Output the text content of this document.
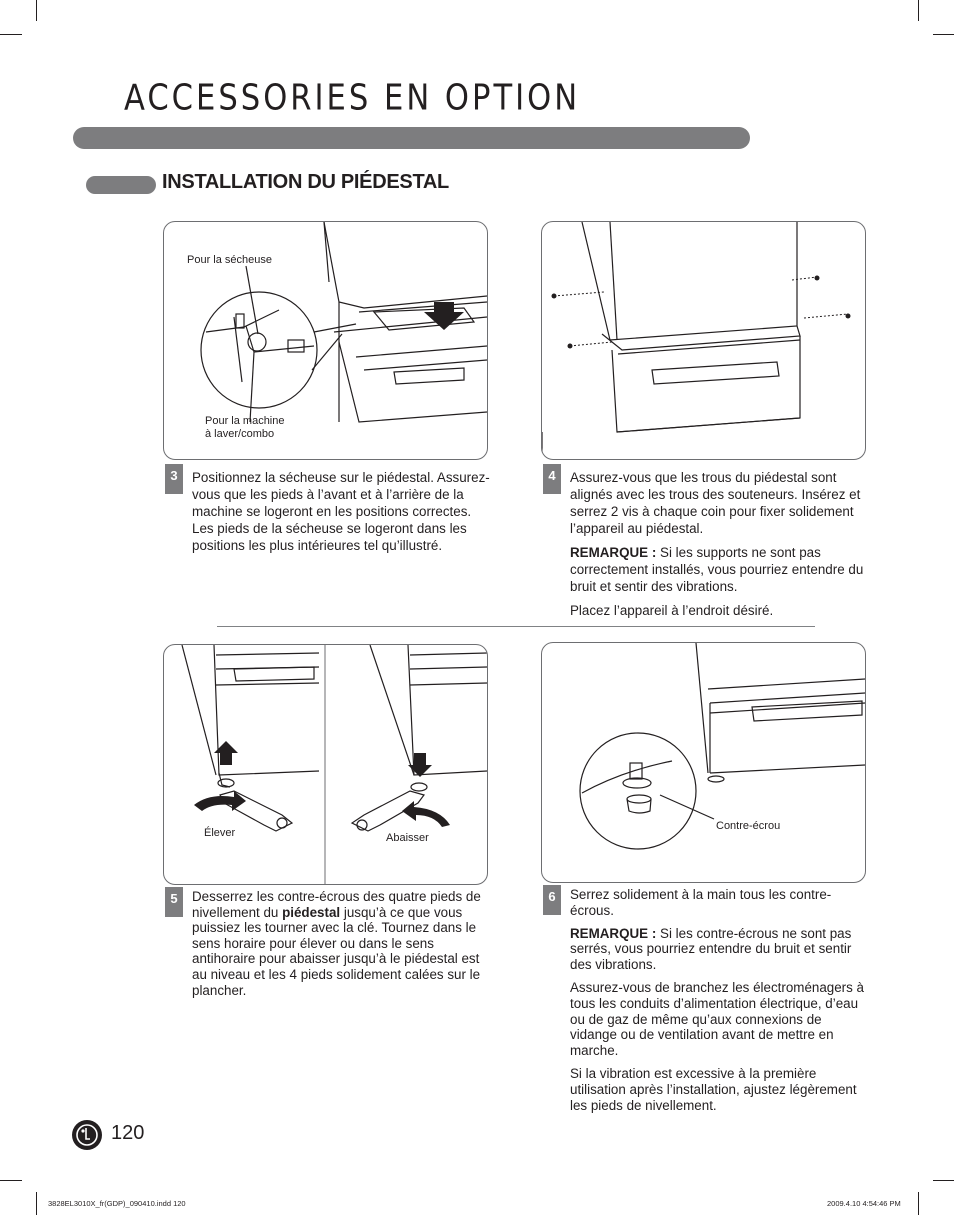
ACCESSORIES EN OPTION
INSTALLATION DU PIÉDESTAL
Pour la sécheuse
Pour la machine
à laver/combo
3	Positionnez la sécheuse sur le piédestal. Assurez-vous que les pieds à l’avant et à l’arrière de la machine se logeront en les positions correctes. Les pieds de la sécheuse se logeront dans les positions les plus intérieures tel qu’illustré.

4	Assurez-vous que les trous du piédestal sont alignés avec les trous des souteneurs. Insérez et serrez 2 vis à chaque coin pour fixer solidement l’appareil au piédestal.

REMARQUE : Si les supports ne sont pas correctement installés, vous pourriez entendre du bruit et sentir des vibrations.

Placez l’appareil à l’endroit désiré.

Élever	Abaisser
5	Desserrez les contre-écrous des quatre pieds de nivellement du piédestal jusqu’à ce que vous puissiez les tourner avec la clé. Tournez dans le sens horaire pour élever ou dans le sens antihoraire pour abaisser jusqu’à le piédestal est au niveau et les 4 pieds solidement calées sur le plancher.

Contre-écrou
6	Serrez solidement à la main tous les contre-écrous.

REMARQUE : Si les contre-écrous ne sont pas serrés, vous pourriez entendre du bruit et sentir des vibrations.

Assurez-vous de branchez les électroménagers à tous les conduits d’alimentation électrique, d’eau ou de gaz de même qu’aux connexions de vidange ou de ventilation avant de mettre en marche.

Si la vibration est excessive à la première utilisation après l’installation, ajustez légèrement les pieds de nivellement.

120
3828EL3010X_fr(GDP)_090410.indd 120	2009.4.10 4:54:46 PM
